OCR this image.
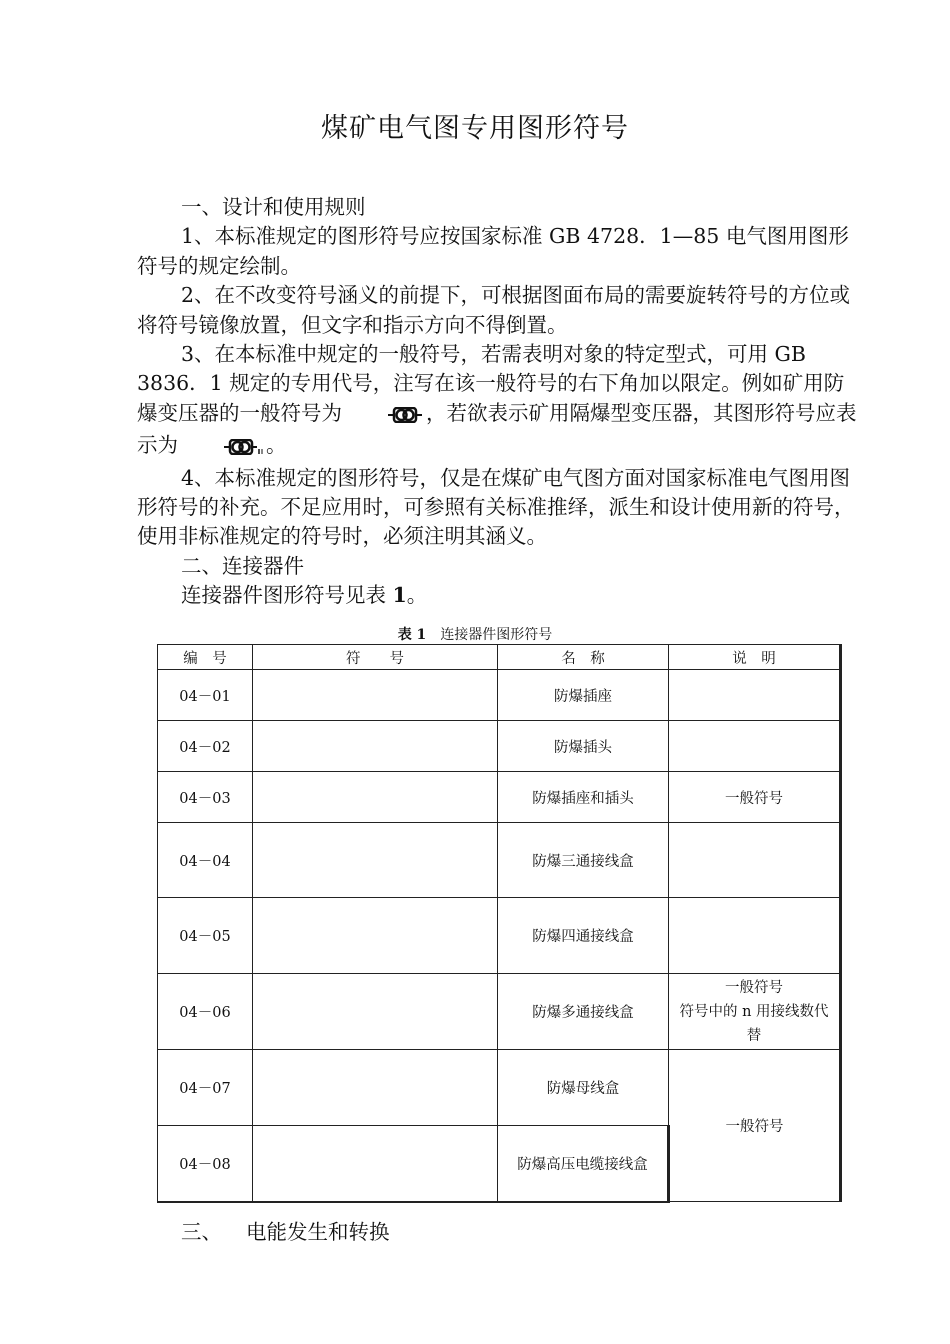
煤矿电气图专用图形符号

一、设计和使用规则

1、本标准规定的图形符号应按国家标准 GB 4728．1—85 电气图用图形符号的规定绘制。

2、在不改变符号涵义的前提下，可根据图面布局的需要旋转符号的方位或将符号镜像放置，但文字和指示方向不得倒置。

3、在本标准中规定的一般符号，若需表明对象的特定型式，可用 GB 3836．1 规定的专用代号，注写在该一般符号的右下角加以限定。例如矿用防爆变压器的一般符号为	，若欲表示矿用隔爆型变压器，其图形符号应表示为	。

4、本标准规定的图形符号，仅是在煤矿电气图方面对国家标准电气图用图形符号的补充。不足应用时，可参照有关标准推绎，派生和设计使用新的符号，使用非标准规定的符号时，必须注明其涵义。

二、连接器件

连接器件图形符号见表 1。

表 1 连接器件图形符号
编　号	符　　号	名　称	说　明
04－01		防爆插座	
04－02		防爆插头	
04－03		防爆插座和插头	一般符号
04－04		防爆三通接线盒	
04－05		防爆四通接线盒	
04－06		防爆多通接线盒	一般符号
符号中的 n 用接线数代替
04－07		防爆母线盒	一般符号
04－08		防爆高压电缆接线盒	
三、 电能发生和转换
